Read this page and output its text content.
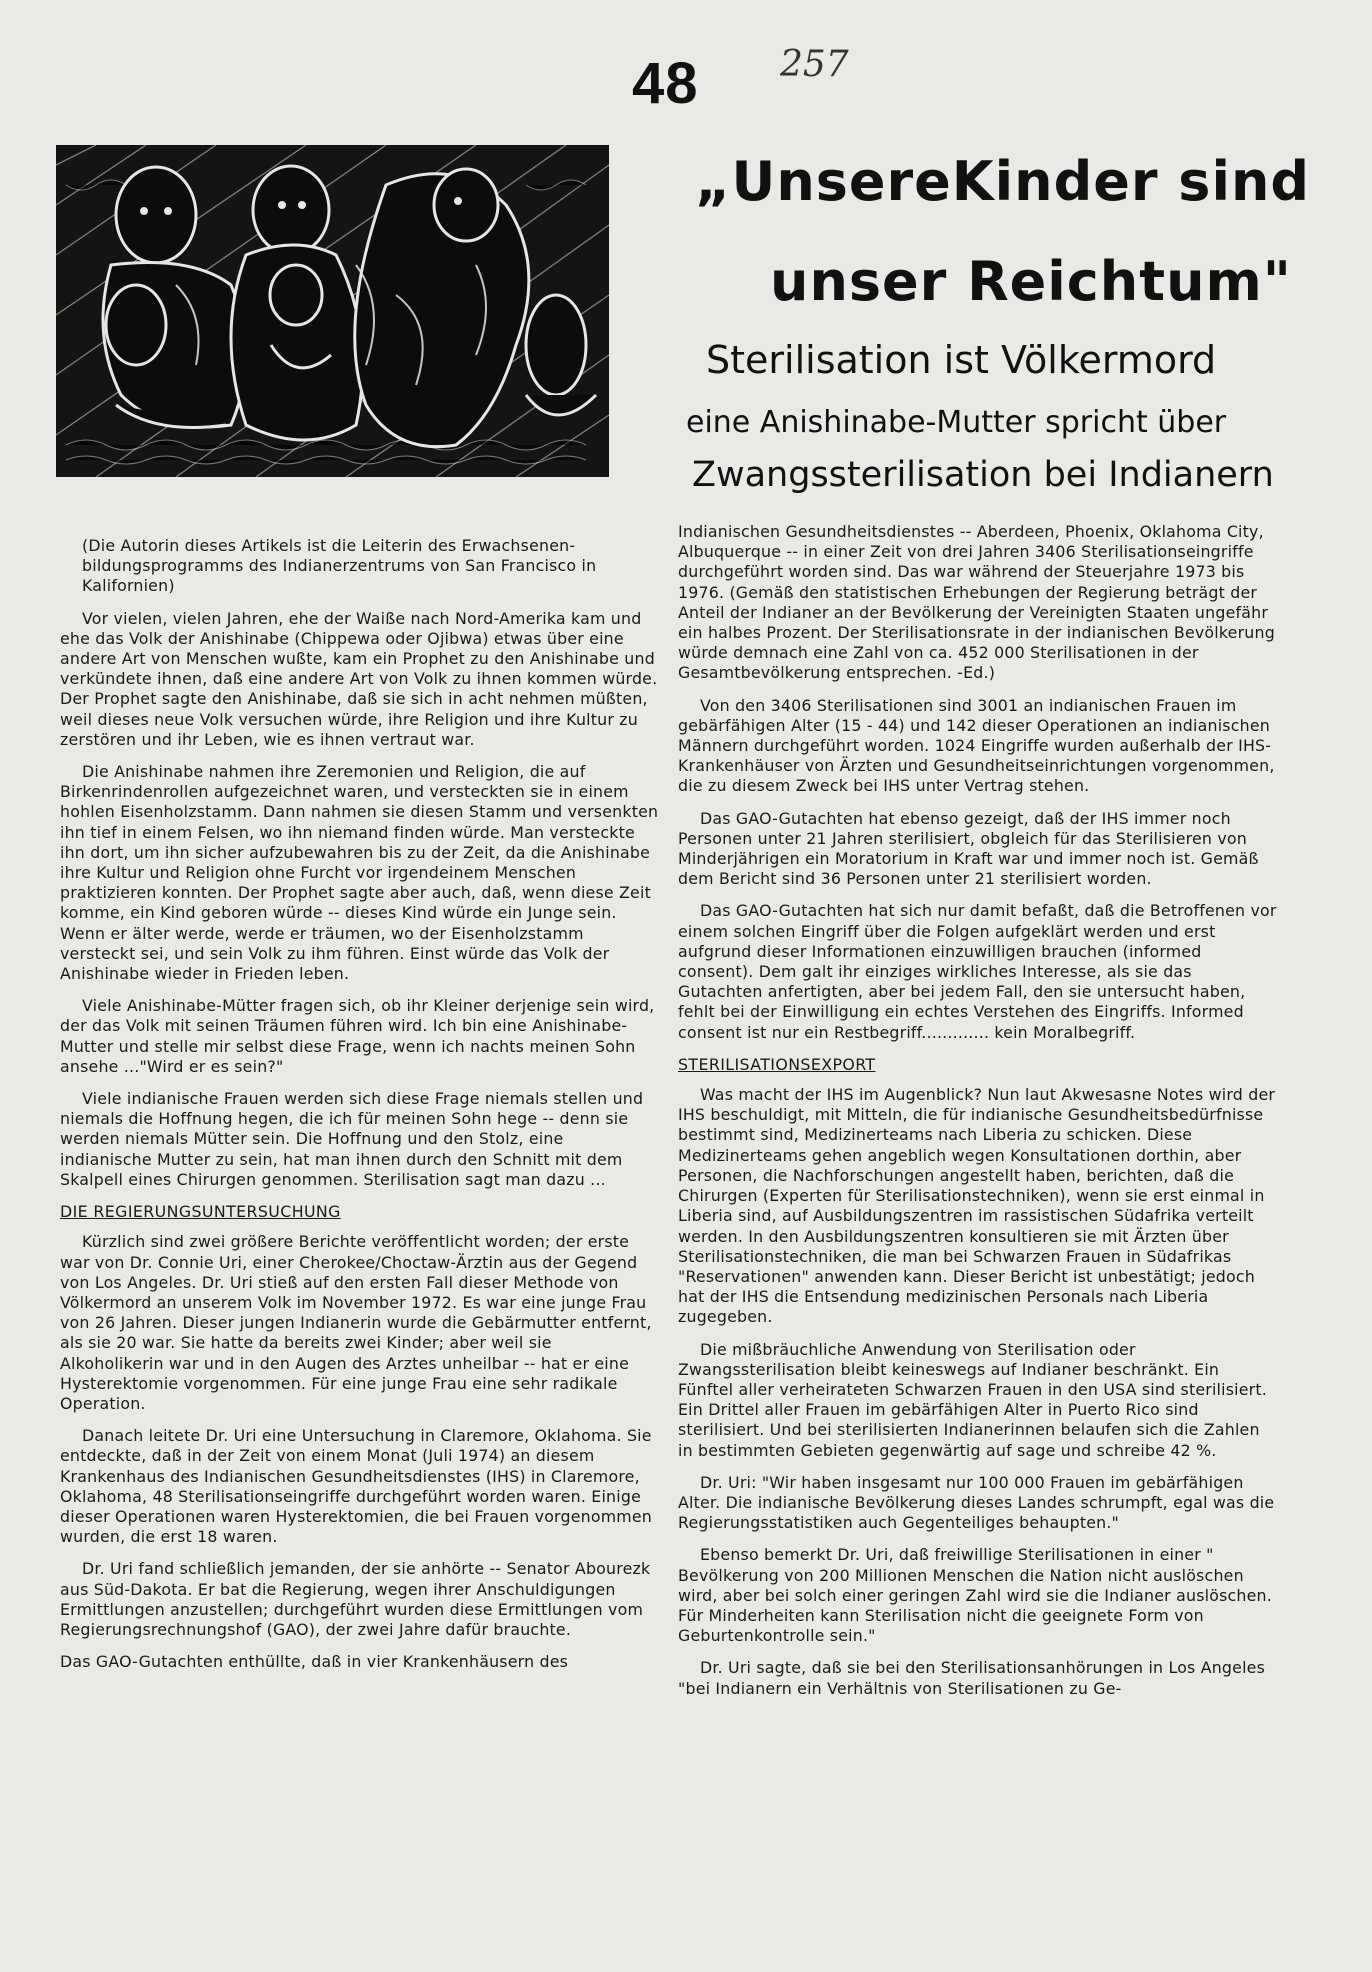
48 257
„UnsereKinder sind
unser Reichtum"
Sterilisation ist Völkermord
eine Anishinabe-Mutter spricht über
Zwangssterilisation bei Indianern

(Die Autorin dieses Artikels ist die Leiterin des Erwachsenen-bildungsprogramms des Indianerzentrums von San Francisco in Kalifornien)

Vor vielen, vielen Jahren, ehe der Waiße nach Nord-Amerika kam und ehe das Volk der Anishinabe (Chippewa oder Ojibwa) etwas über eine andere Art von Menschen wußte, kam ein Prophet zu den Anishinabe und verkündete ihnen, daß eine andere Art von Volk zu ihnen kommen würde. Der Prophet sagte den Anishinabe, daß sie sich in acht nehmen müßten, weil dieses neue Volk versuchen würde, ihre Religion und ihre Kultur zu zerstören und ihr Leben, wie es ihnen vertraut war.

Die Anishinabe nahmen ihre Zeremonien und Religion, die auf Birkenrindenrollen aufgezeichnet waren, und versteckten sie in einem hohlen Eisenholzstamm. Dann nahmen sie diesen Stamm und versenkten ihn tief in einem Felsen, wo ihn niemand finden würde. Man versteckte ihn dort, um ihn sicher aufzubewahren bis zu der Zeit, da die Anishinabe ihre Kultur und Religion ohne Furcht vor irgendeinem Menschen praktizieren konnten. Der Prophet sagte aber auch, daß, wenn diese Zeit komme, ein Kind geboren würde -- dieses Kind würde ein Junge sein. Wenn er älter werde, werde er träumen, wo der Eisenholzstamm versteckt sei, und sein Volk zu ihm führen. Einst würde das Volk der Anishinabe wieder in Frieden leben.

Viele Anishinabe-Mütter fragen sich, ob ihr Kleiner derjenige sein wird, der das Volk mit seinen Träumen führen wird. Ich bin eine Anishinabe-Mutter und stelle mir selbst diese Frage, wenn ich nachts meinen Sohn ansehe ..."Wird er es sein?"

Viele indianische Frauen werden sich diese Frage niemals stellen und niemals die Hoffnung hegen, die ich für meinen Sohn hege -- denn sie werden niemals Mütter sein. Die Hoffnung und den Stolz, eine indianische Mutter zu sein, hat man ihnen durch den Schnitt mit dem Skalpell eines Chirurgen genommen. Sterilisation sagt man dazu ...

DIE REGIERUNGSUNTERSUCHUNG

Kürzlich sind zwei größere Berichte veröffentlicht worden; der erste war von Dr. Connie Uri, einer Cherokee/Choctaw-Ärztin aus der Gegend von Los Angeles. Dr. Uri stieß auf den ersten Fall dieser Methode von Völkermord an unserem Volk im November 1972. Es war eine junge Frau von 26 Jahren. Dieser jungen Indianerin wurde die Gebärmutter entfernt, als sie 20 war. Sie hatte da bereits zwei Kinder; aber weil sie Alkoholikerin war und in den Augen des Arztes unheilbar -- hat er eine Hysterektomie vorgenommen. Für eine junge Frau eine sehr radikale Operation.

Danach leitete Dr. Uri eine Untersuchung in Claremore, Oklahoma. Sie entdeckte, daß in der Zeit von einem Monat (Juli 1974) an diesem Krankenhaus des Indianischen Gesundheitsdienstes (IHS) in Claremore, Oklahoma, 48 Sterilisationseingriffe durchgeführt worden waren. Einige dieser Operationen waren Hysterektomien, die bei Frauen vorgenommen wurden, die erst 18 waren.

Dr. Uri fand schließlich jemanden, der sie anhörte -- Senator Abourezk aus Süd-Dakota. Er bat die Regierung, wegen ihrer Anschuldigungen Ermittlungen anzustellen; durchgeführt wurden diese Ermittlungen vom Regierungsrechnungshof (GAO), der zwei Jahre dafür brauchte.

Das GAO-Gutachten enthüllte, daß in vier Krankenhäusern des

Indianischen Gesundheitsdienstes -- Aberdeen, Phoenix, Oklahoma City, Albuquerque -- in einer Zeit von drei Jahren 3406 Sterilisationseingriffe durchgeführt worden sind. Das war während der Steuerjahre 1973 bis 1976. (Gemäß den statistischen Erhebungen der Regierung beträgt der Anteil der Indianer an der Bevölkerung der Vereinigten Staaten ungefähr ein halbes Prozent. Der Sterilisationsrate in der indianischen Bevölkerung würde demnach eine Zahl von ca. 452 000 Sterilisationen in der Gesamtbevölkerung entsprechen. -Ed.)

Von den 3406 Sterilisationen sind 3001 an indianischen Frauen im gebärfähigen Alter (15 - 44) und 142 dieser Operationen an indianischen Männern durchgeführt worden. 1024 Eingriffe wurden außerhalb der IHS-Krankenhäuser von Ärzten und Gesundheitseinrichtungen vorgenommen, die zu diesem Zweck bei IHS unter Vertrag stehen.

Das GAO-Gutachten hat ebenso gezeigt, daß der IHS immer noch Personen unter 21 Jahren sterilisiert, obgleich für das Sterilisieren von Minderjährigen ein Moratorium in Kraft war und immer noch ist. Gemäß dem Bericht sind 36 Personen unter 21 sterilisiert worden.

Das GAO-Gutachten hat sich nur damit befaßt, daß die Betroffenen vor einem solchen Eingriff über die Folgen aufgeklärt werden und erst aufgrund dieser Informationen einzuwilligen brauchen (informed consent). Dem galt ihr einziges wirkliches Interesse, als sie das Gutachten anfertigten, aber bei jedem Fall, den sie untersucht haben, fehlt bei der Einwilligung ein echtes Verstehen des Eingriffs. Informed consent ist nur ein Restbegriff............. kein Moralbegriff.

STERILISATIONSEXPORT

Was macht der IHS im Augenblick? Nun laut Akwesasne Notes wird der IHS beschuldigt, mit Mitteln, die für indianische Gesundheitsbedürfnisse bestimmt sind, Medizinerteams nach Liberia zu schicken. Diese Medizinerteams gehen angeblich wegen Konsultationen dorthin, aber Personen, die Nachforschungen angestellt haben, berichten, daß die Chirurgen (Experten für Sterilisationstechniken), wenn sie erst einmal in Liberia sind, auf Ausbildungszentren im rassistischen Südafrika verteilt werden. In den Ausbildungszentren konsultieren sie mit Ärzten über Sterilisationstechniken, die man bei Schwarzen Frauen in Südafrikas "Reservationen" anwenden kann. Dieser Bericht ist unbestätigt; jedoch hat der IHS die Entsendung medizinischen Personals nach Liberia zugegeben.

Die mißbräuchliche Anwendung von Sterilisation oder Zwangssterilisation bleibt keineswegs auf Indianer beschränkt. Ein Fünftel aller verheirateten Schwarzen Frauen in den USA sind sterilisiert. Ein Drittel aller Frauen im gebärfähigen Alter in Puerto Rico sind sterilisiert. Und bei sterilisierten Indianerinnen belaufen sich die Zahlen in bestimmten Gebieten gegenwärtig auf sage und schreibe 42 %.

Dr. Uri: "Wir haben insgesamt nur 100 000 Frauen im gebärfähigen Alter. Die indianische Bevölkerung dieses Landes schrumpft, egal was die Regierungsstatistiken auch Gegenteiliges behaupten."

Ebenso bemerkt Dr. Uri, daß freiwillige Sterilisationen in einer " Bevölkerung von 200 Millionen Menschen die Nation nicht auslöschen wird, aber bei solch einer geringen Zahl wird sie die Indianer auslöschen. Für Minderheiten kann Sterilisation nicht die geeignete Form von Geburtenkontrolle sein."

Dr. Uri sagte, daß sie bei den Sterilisationsanhörungen in Los Angeles "bei Indianern ein Verhältnis von Sterilisationen zu Ge-
